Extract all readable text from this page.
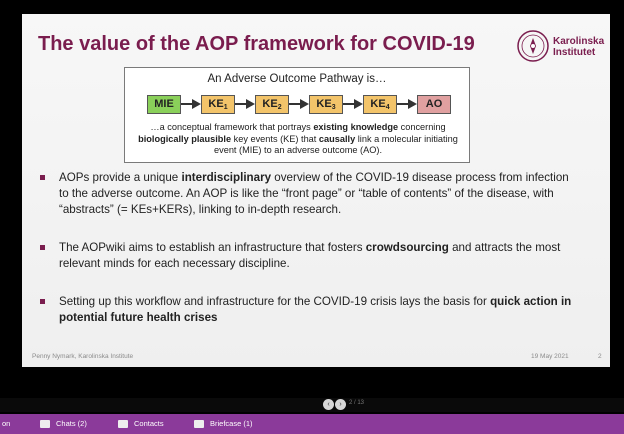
The value of the AOP framework for COVID-19	Karolinska
Institutet
An Adverse Outcome Pathway is…
MIE	$KE_1$	$KE_2$	$KE_3$	$KE_4$	AO
…a conceptual framework that portrays existing knowledge concerning
biologically plausible key events (KE) that causally link a molecular initiating
event (MIE) to an adverse outcome (AO).
AOPs provide a unique interdisciplinary overview of the COVID-19 disease process from infection to the adverse outcome. An AOP is like the “front page” or “table of contents” of the disease, with “abstracts” (= KEs+KERs), linking to in-depth research.
The AOPwiki aims to establish an infrastructure that fosters crowdsourcing and attracts the most relevant minds for each necessary discipline.
Setting up this workflow and infrastructure for the COVID-19 crisis lays the basis for quick action in potential future health crises
Penny Nymark, Karolinska Institute	19 May 2021	2
‹	›	2 / 13
on	Chats (2)	Contacts	Briefcase (1)
